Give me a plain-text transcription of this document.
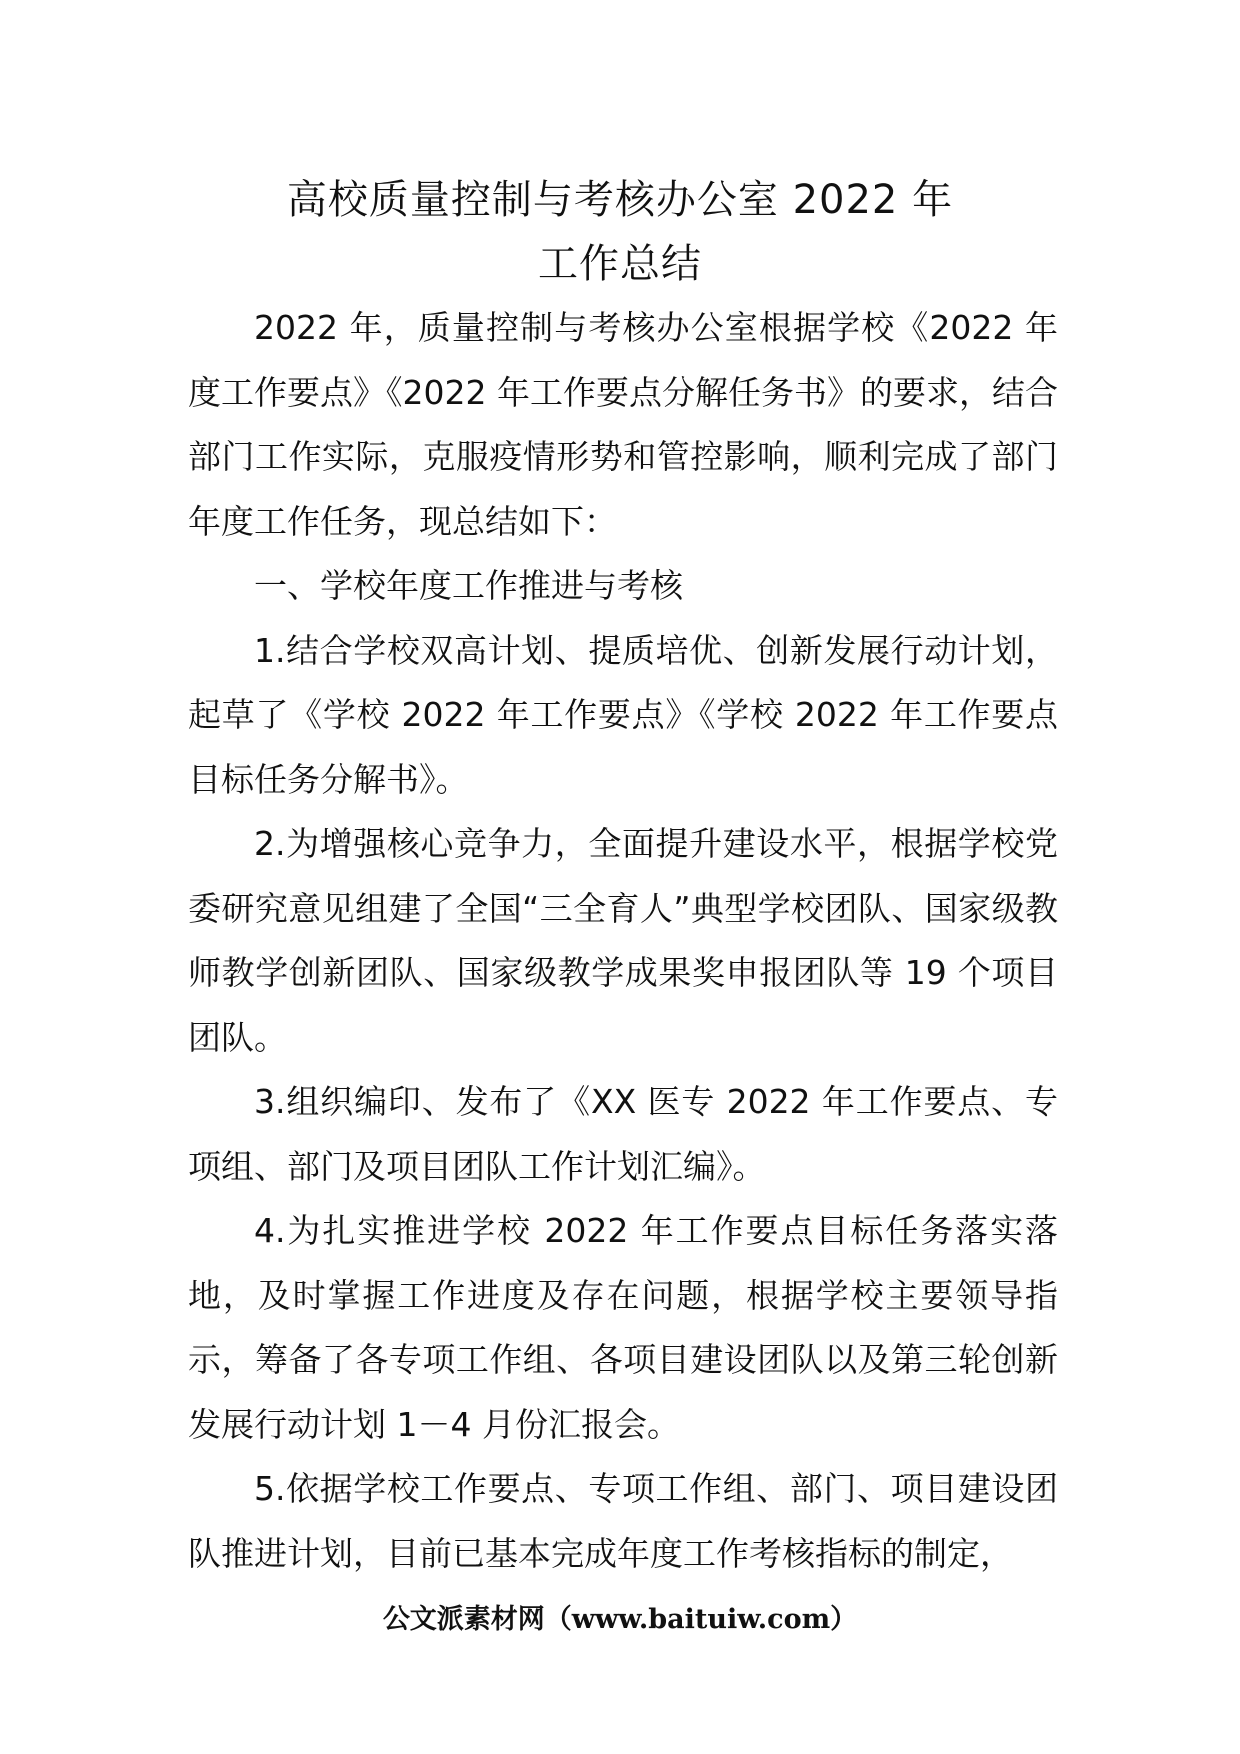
高校质量控制与考核办公室 2022 年
工作总结

2022 年，质量控制与考核办公室根据学校《2022 年度工作要点》《2022 年工作要点分解任务书》的要求，结合部门工作实际，克服疫情形势和管控影响，顺利完成了部门年度工作任务，现总结如下：

一、学校年度工作推进与考核

1.结合学校双高计划、提质培优、创新发展行动计划，起草了《学校 2022 年工作要点》《学校 2022 年工作要点目标任务分解书》。

2.为增强核心竞争力，全面提升建设水平，根据学校党委研究意见组建了全国“三全育人”典型学校团队、国家级教师教学创新团队、国家级教学成果奖申报团队等 19 个项目团队。

3.组织编印、发布了《XX 医专 2022 年工作要点、专项组、部门及项目团队工作计划汇编》。

4.为扎实推进学校 2022 年工作要点目标任务落实落地，及时掌握工作进度及存在问题，根据学校主要领导指示，筹备了各专项工作组、各项目建设团队以及第三轮创新发展行动计划 1－4 月份汇报会。

5.依据学校工作要点、专项工作组、部门、项目建设团队推进计划，目前已基本完成年度工作考核指标的制定，

公文派素材网（www.baituiw.com）
